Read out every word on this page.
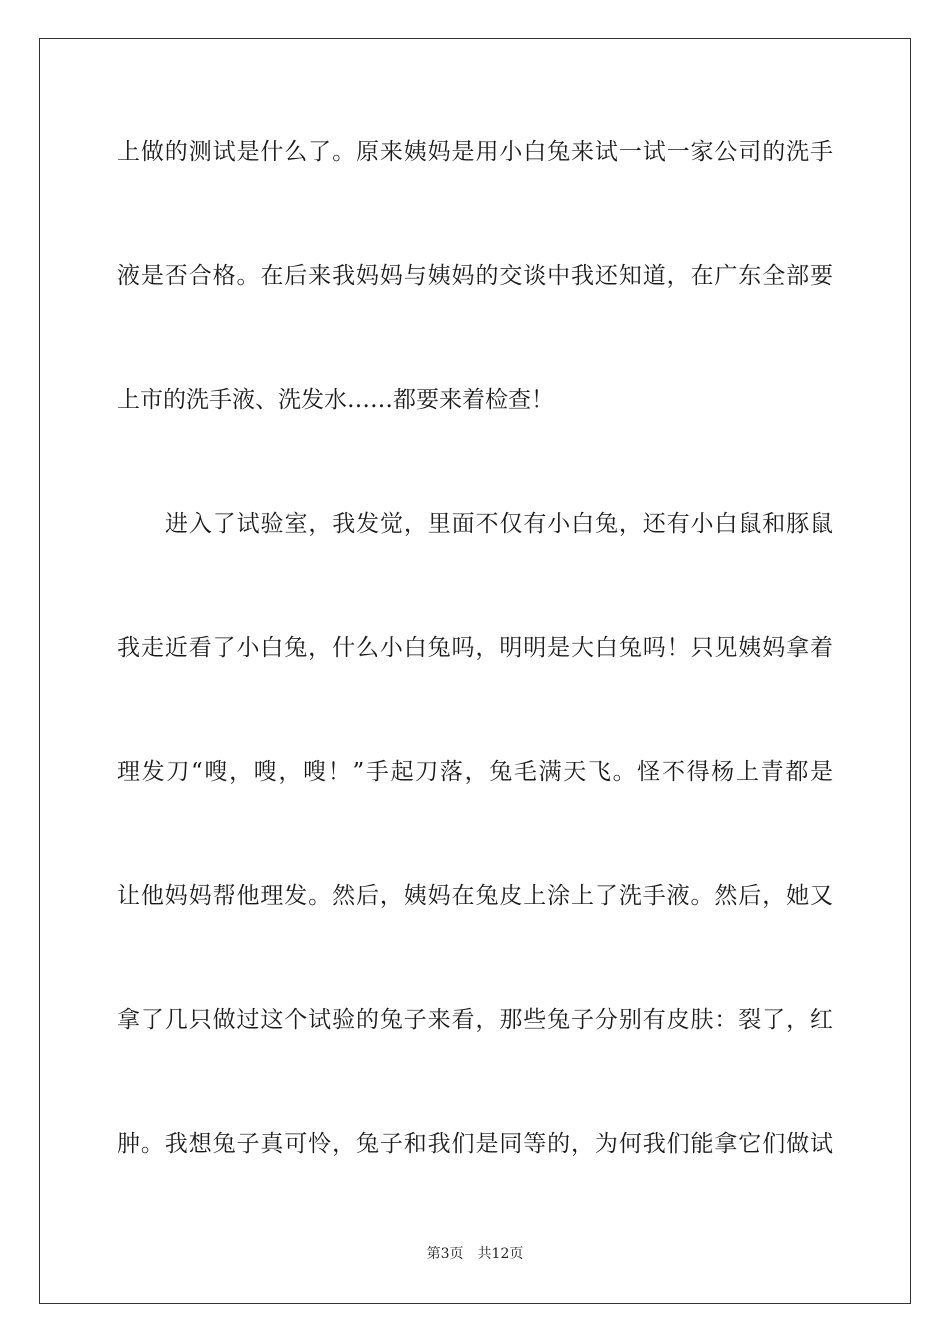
上做的测试是什么了。原来姨妈是用小白兔来试一试一家公司的洗手
液是否合格。在后来我妈妈与姨妈的交谈中我还知道，在广东全部要
上市的洗手液、洗发水……都要来着检查！
进入了试验室，我发觉，里面不仅有小白兔，还有小白鼠和豚鼠
我走近看了小白兔，什么小白兔吗，明明是大白兔吗！只见姨妈拿着
理发刀“嗖，嗖，嗖！”手起刀落，兔毛满天飞。怪不得杨上青都是
让他妈妈帮他理发。然后，姨妈在兔皮上涂上了洗手液。然后，她又
拿了几只做过这个试验的兔子来看，那些兔子分别有皮肤：裂了，红
肿。我想兔子真可怜，兔子和我们是同等的，为何我们能拿它们做试
第3页 共12页
